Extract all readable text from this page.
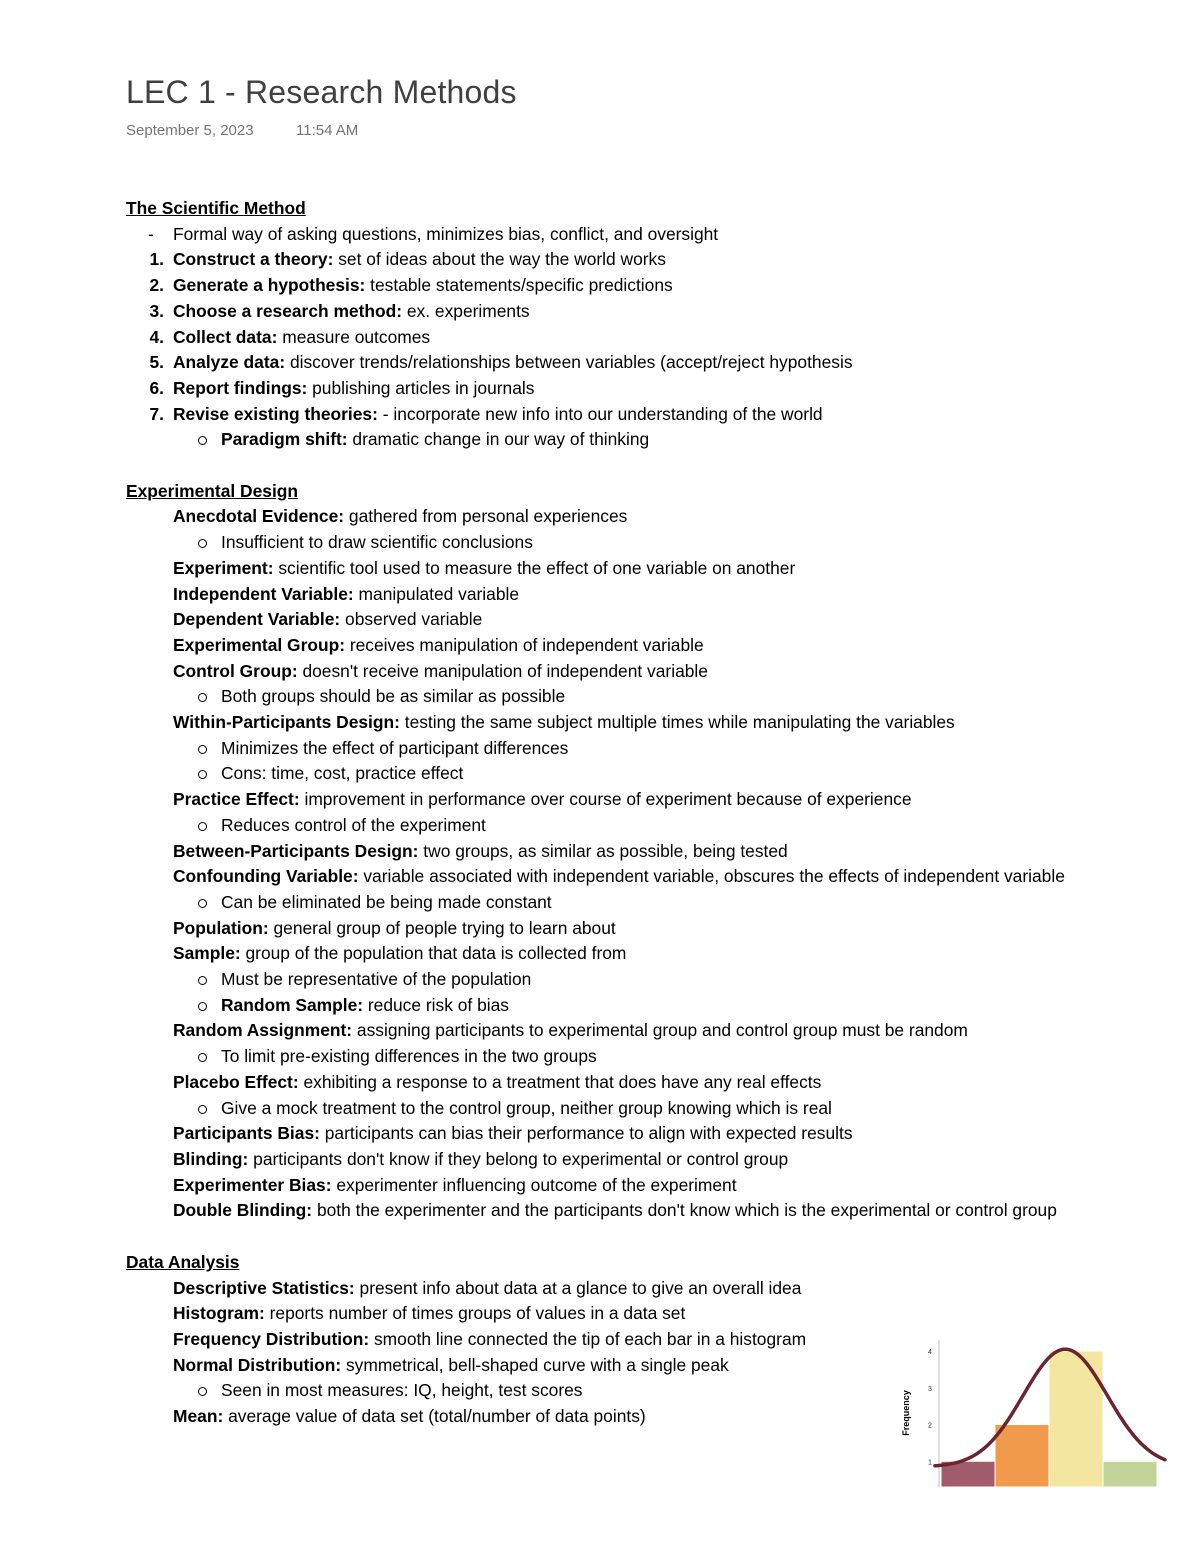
LEC 1 - Research Methods
September 5, 2023	11:54 AM
The Scientific Method
- Formal way of asking questions, minimizes bias, conflict, and oversight
1. Construct a theory: set of ideas about the way the world works
2. Generate a hypothesis: testable statements/specific predictions
3. Choose a research method: ex. experiments
4. Collect data: measure outcomes
5. Analyze data: discover trends/relationships between variables (accept/reject hypothesis
6. Report findings: publishing articles in journals
7. Revise existing theories: - incorporate new info into our understanding of the world
Paradigm shift: dramatic change in our way of thinking
Experimental Design
Anecdotal Evidence: gathered from personal experiences
Insufficient to draw scientific conclusions
Experiment: scientific tool used to measure the effect of one variable on another
Independent Variable: manipulated variable
Dependent Variable: observed variable
Experimental Group: receives manipulation of independent variable
Control Group: doesn't receive manipulation of independent variable
Both groups should be as similar as possible
Within-Participants Design: testing the same subject multiple times while manipulating the variables
Minimizes the effect of participant differences
Cons: time, cost, practice effect
Practice Effect: improvement in performance over course of experiment because of experience
Reduces control of the experiment
Between-Participants Design: two groups, as similar as possible, being tested
Confounding Variable: variable associated with independent variable, obscures the effects of independent variable
Can be eliminated be being made constant
Population: general group of people trying to learn about
Sample: group of the population that data is collected from
Must be representative of the population
Random Sample: reduce risk of bias
Random Assignment: assigning participants to experimental group and control group must be random
To limit pre-existing differences in the two groups
Placebo Effect: exhibiting a response to a treatment that does have any real effects
Give a mock treatment to the control group, neither group knowing which is real
Participants Bias: participants can bias their performance to align with expected results
Blinding: participants don't know if they belong to experimental or control group
Experimenter Bias: experimenter influencing outcome of the experiment
Double Blinding: both the experimenter and the participants don't know which is the experimental or control group
Data Analysis
Descriptive Statistics: present info about data at a glance to give an overall idea
Histogram: reports number of times groups of values in a data set
Frequency Distribution: smooth line connected the tip of each bar in a histogram
Normal Distribution: symmetrical, bell-shaped curve with a single peak
Seen in most measures: IQ, height, test scores
Mean: average value of data set (total/number of data points)	Frequency
1
2
3
4
